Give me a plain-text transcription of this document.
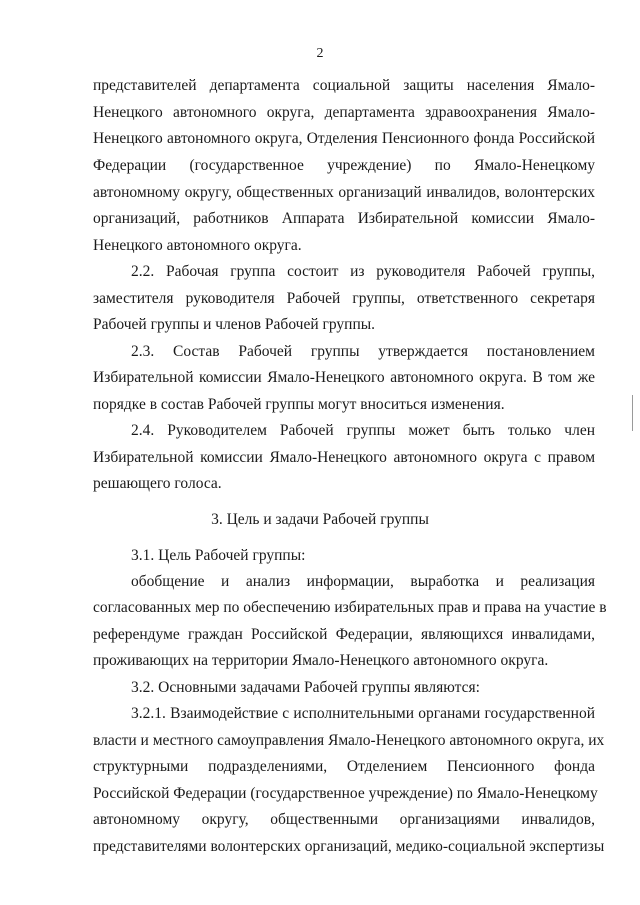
2
представителей департамента социальной защиты населения Ямало-
Ненецкого автономного округа, департамента здравоохранения Ямало-
Ненецкого автономного округа, Отделения Пенсионного фонда Российской
Федерации (государственное учреждение) по Ямало-Ненецкому
автономному округу, общественных организаций инвалидов, волонтерских
организаций, работников Аппарата Избирательной комиссии Ямало-
Ненецкого автономного округа.
2.2. Рабочая группа состоит из руководителя Рабочей группы,
заместителя руководителя Рабочей группы, ответственного секретаря
Рабочей группы и членов Рабочей группы.
2.3. Состав Рабочей группы утверждается постановлением
Избирательной комиссии Ямало-Ненецкого автономного округа. В том же
порядке в состав Рабочей группы могут вноситься изменения.
2.4. Руководителем Рабочей группы может быть только член
Избирательной комиссии Ямало-Ненецкого автономного округа с правом
решающего голоса.
3. Цель и задачи Рабочей группы
3.1. Цель Рабочей группы:
обобщение и анализ информации, выработка и реализация
согласованных мер по обеспечению избирательных прав и права на участие в
референдуме граждан Российской Федерации, являющихся инвалидами,
проживающих на территории Ямало-Ненецкого автономного округа.
3.2. Основными задачами Рабочей группы являются:
3.2.1. Взаимодействие с исполнительными органами государственной
власти и местного самоуправления Ямало-Ненецкого автономного округа, их
структурными подразделениями, Отделением Пенсионного фонда
Российской Федерации (государственное учреждение) по Ямало-Ненецкому
автономному округу, общественными организациями инвалидов,
представителями волонтерских организаций, медико-социальной экспертизы
